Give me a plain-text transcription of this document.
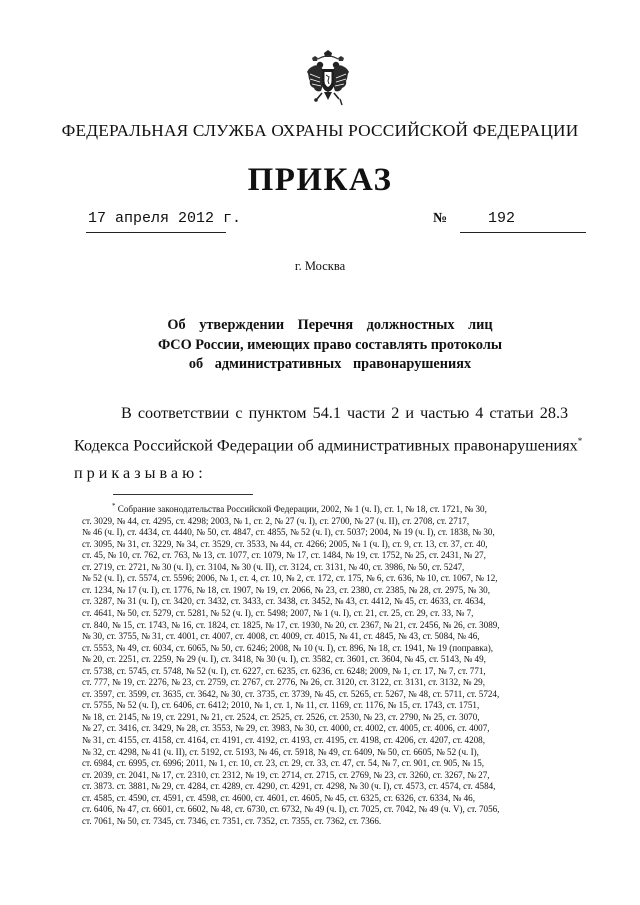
ФЕДЕРАЛЬНАЯ СЛУЖБА ОХРАНЫ РОССИЙСКОЙ ФЕДЕРАЦИИ
ПРИКАЗ
17 апреля 2012 г.	№	192
г. Москва
Об утверждении Перечня должностных лиц
ФСО России, имеющих право составлять протоколы
об административных правонарушениях
В соответствии с пунктом 54.1 части 2 и частью 4 статьи 28.3
Кодекса Российской Федерации об административных правонарушениях*
приказываю:
* Собрание законодательства Российской Федерации, 2002, № 1 (ч. I), ст. 1, № 18, ст. 1721, № 30,
ст. 3029, № 44, ст. 4295, ст. 4298; 2003, № 1, ст. 2, № 27 (ч. I), ст. 2700, № 27 (ч. II), ст. 2708, ст. 2717,
№ 46 (ч. I), ст. 4434, ст. 4440, № 50, ст. 4847, ст. 4855, № 52 (ч. I), ст. 5037; 2004, № 19 (ч. I), ст. 1838, № 30,
ст. 3095, № 31, ст. 3229, № 34, ст. 3529, ст. 3533, № 44, ст. 4266; 2005, № 1 (ч. I), ст. 9, ст. 13, ст. 37, ст. 40,
ст. 45, № 10, ст. 762, ст. 763, № 13, ст. 1077, ст. 1079, № 17, ст. 1484, № 19, ст. 1752, № 25, ст. 2431, № 27,
ст. 2719, ст. 2721, № 30 (ч. I), ст. 3104, № 30 (ч. II), ст. 3124, ст. 3131, № 40, ст. 3986, № 50, ст. 5247,
№ 52 (ч. I), ст. 5574, ст. 5596; 2006, № 1, ст. 4, ст. 10, № 2, ст. 172, ст. 175, № 6, ст. 636, № 10, ст. 1067, № 12,
ст. 1234, № 17 (ч. I), ст. 1776, № 18, ст. 1907, № 19, ст. 2066, № 23, ст. 2380, ст. 2385, № 28, ст. 2975, № 30,
ст. 3287, № 31 (ч. I), ст. 3420, ст. 3432, ст. 3433, ст. 3438, ст. 3452, № 43, ст. 4412, № 45, ст. 4633, ст. 4634,
ст. 4641, № 50, ст. 5279, ст. 5281, № 52 (ч. I), ст. 5498; 2007, № 1 (ч. I), ст. 21, ст. 25, ст. 29, ст. 33, № 7,
ст. 840, № 15, ст. 1743, № 16, ст. 1824, ст. 1825, № 17, ст. 1930, № 20, ст. 2367, № 21, ст. 2456, № 26, ст. 3089,
№ 30, ст. 3755, № 31, ст. 4001, ст. 4007, ст. 4008, ст. 4009, ст. 4015, № 41, ст. 4845, № 43, ст. 5084, № 46,
ст. 5553, № 49, ст. 6034, ст. 6065, № 50, ст. 6246; 2008, № 10 (ч. I), ст. 896, № 18, ст. 1941, № 19 (поправка),
№ 20, ст. 2251, ст. 2259, № 29 (ч. I), ст. 3418, № 30 (ч. I), ст. 3582, ст. 3601, ст. 3604, № 45, ст. 5143, № 49,
ст. 5738, ст. 5745, ст. 5748, № 52 (ч. I), ст. 6227, ст. 6235, ст. 6236, ст. 6248; 2009, № 1, ст. 17, № 7, ст. 771,
ст. 777, № 19, ст. 2276, № 23, ст. 2759, ст. 2767, ст. 2776, № 26, ст. 3120, ст. 3122, ст. 3131, ст. 3132, № 29,
ст. 3597, ст. 3599, ст. 3635, ст. 3642, № 30, ст. 3735, ст. 3739, № 45, ст. 5265, ст. 5267, № 48, ст. 5711, ст. 5724,
ст. 5755, № 52 (ч. I), ст. 6406, ст. 6412; 2010, № 1, ст. 1, № 11, ст. 1169, ст. 1176, № 15, ст. 1743, ст. 1751,
№ 18, ст. 2145, № 19, ст. 2291, № 21, ст. 2524, ст. 2525, ст. 2526, ст. 2530, № 23, ст. 2790, № 25, ст. 3070,
№ 27, ст. 3416, ст. 3429, № 28, ст. 3553, № 29, ст. 3983, № 30, ст. 4000, ст. 4002, ст. 4005, ст. 4006, ст. 4007,
№ 31, ст. 4155, ст. 4158, ст. 4164, ст. 4191, ст. 4192, ст. 4193, ст. 4195, ст. 4198, ст. 4206, ст. 4207, ст. 4208,
№ 32, ст. 4298, № 41 (ч. II), ст. 5192, ст. 5193, № 46, ст. 5918, № 49, ст. 6409, № 50, ст. 6605, № 52 (ч. I),
ст. 6984, ст. 6995, ст. 6996; 2011, № 1, ст. 10, ст. 23, ст. 29, ст. 33, ст. 47, ст. 54, № 7, ст. 901, ст. 905, № 15,
ст. 2039, ст. 2041, № 17, ст. 2310, ст. 2312, № 19, ст. 2714, ст. 2715, ст. 2769, № 23, ст. 3260, ст. 3267, № 27,
ст. 3873. ст. 3881, № 29, ст. 4284, ст. 4289, ст. 4290, ст. 4291, ст. 4298, № 30 (ч. I), ст. 4573, ст. 4574, ст. 4584,
ст. 4585, ст. 4590, ст. 4591, ст. 4598, ст. 4600, ст. 4601, ст. 4605, № 45, ст. 6325, ст. 6326, ст. 6334, № 46,
ст. 6406, № 47, ст. 6601, ст. 6602, № 48, ст. 6730, ст. 6732, № 49 (ч. I), ст. 7025, ст. 7042, № 49 (ч. V), ст. 7056,
ст. 7061, № 50, ст. 7345, ст. 7346, ст. 7351, ст. 7352, ст. 7355, ст. 7362, ст. 7366.
